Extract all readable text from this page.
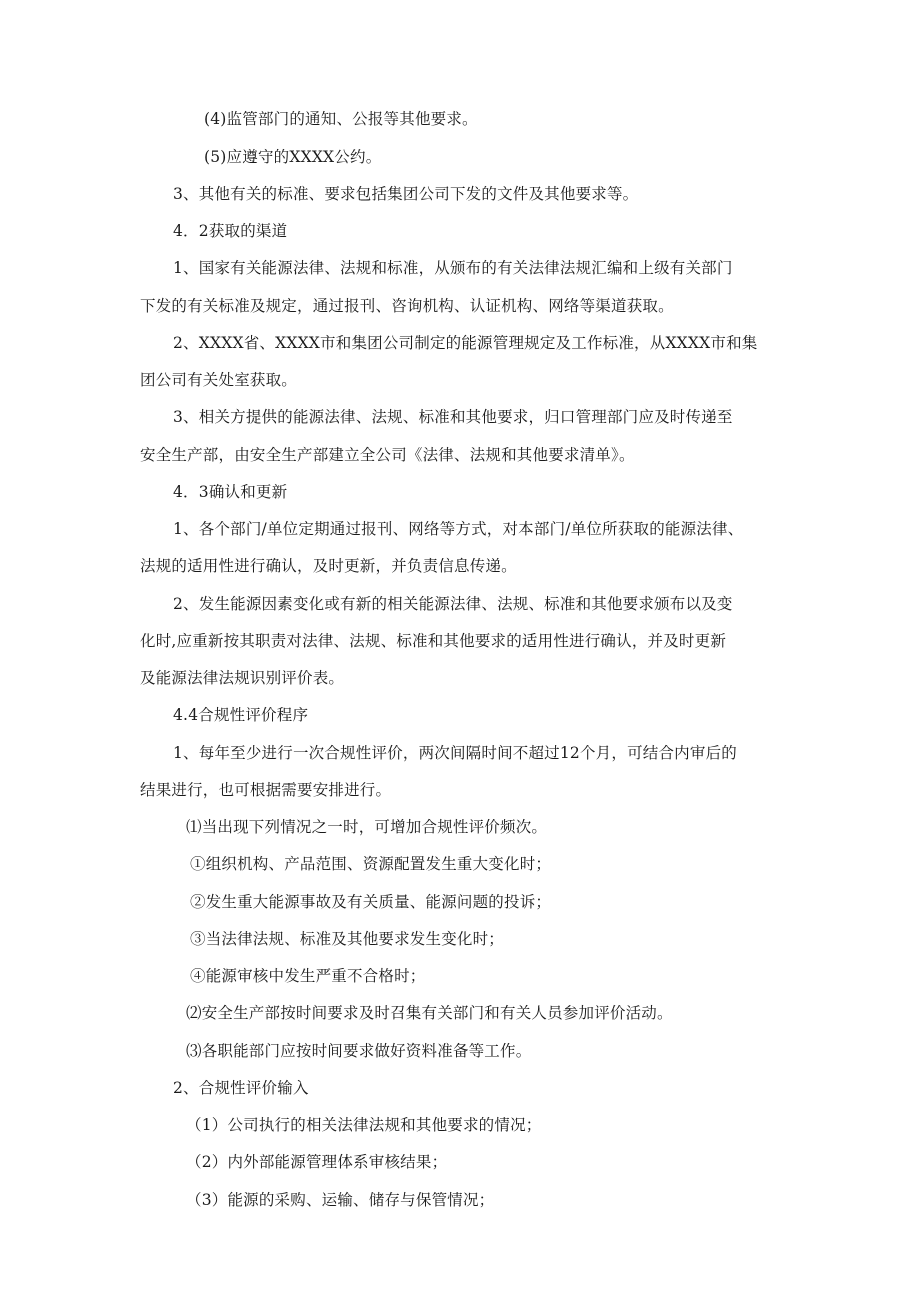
(4)监管部门的通知、公报等其他要求。
(5)应遵守的XXXX公约。
3、其他有关的标准、要求包括集团公司下发的文件及其他要求等。
4．2获取的渠道
1、国家有关能源法律、法规和标准，从颁布的有关法律法规汇编和上级有关部门
下发的有关标准及规定，通过报刊、咨询机构、认证机构、网络等渠道获取。
2、XXXX省、XXXX市和集团公司制定的能源管理规定及工作标准，从XXXX市和集
团公司有关处室获取。
3、相关方提供的能源法律、法规、标准和其他要求，归口管理部门应及时传递至
安全生产部，由安全生产部建立全公司《法律、法规和其他要求清单》。
4．3确认和更新
1、各个部门/单位定期通过报刊、网络等方式，对本部门/单位所获取的能源法律、
法规的适用性进行确认，及时更新，并负责信息传递。
2、发生能源因素变化或有新的相关能源法律、法规、标准和其他要求颁布以及变
化时,应重新按其职责对法律、法规、标准和其他要求的适用性进行确认，并及时更新
及能源法律法规识别评价表。
4.4合规性评价程序
1、每年至少进行一次合规性评价，两次间隔时间不超过12个月，可结合内审后的
结果进行，也可根据需要安排进行。
⑴当出现下列情况之一时，可增加合规性评价频次。
①组织机构、产品范围、资源配置发生重大变化时；
②发生重大能源事故及有关质量、能源问题的投诉；
③当法律法规、标准及其他要求发生变化时；
④能源审核中发生严重不合格时；
⑵安全生产部按时间要求及时召集有关部门和有关人员参加评价活动。
⑶各职能部门应按时间要求做好资料准备等工作。
2、合规性评价输入
（1）公司执行的相关法律法规和其他要求的情况；
（2）内外部能源管理体系审核结果；
（3）能源的采购、运输、储存与保管情况；
